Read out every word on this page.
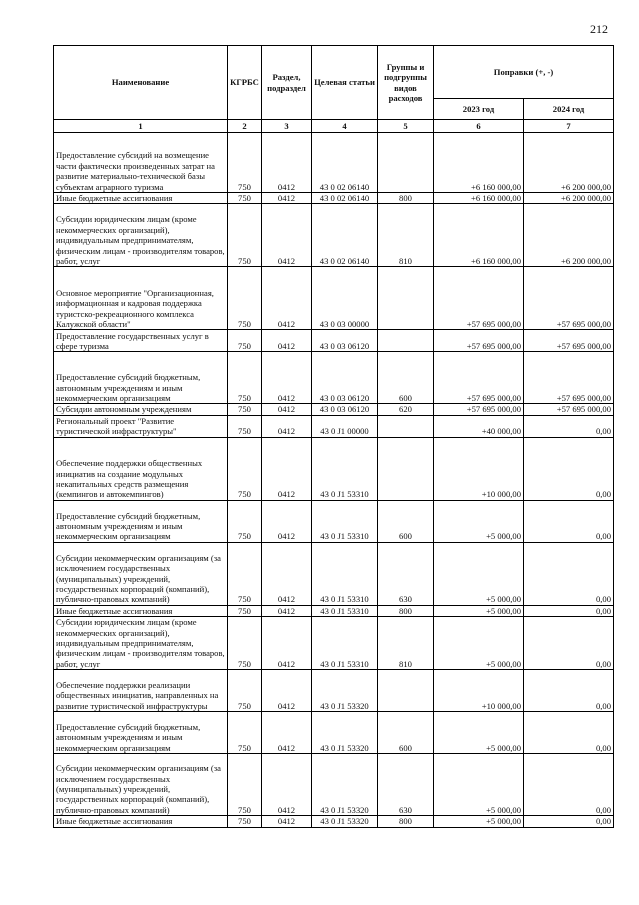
212
Наименование	КГРБС	Раздел, подраздел	Целевая статьи	Группы и подгруппы видов расходов	Поправки (+, -)	
					2023 год	2024 год
1	2	3	4	5	6	7
Предоставление субсидий на возмещение части фактически произведенных затрат на развитие материально-технической базы субъектам аграрного туризма	750	0412	43 0 02 06140		+6 160 000,00	+6 200 000,00
Иные бюджетные ассигнования	750	0412	43 0 02 06140	800	+6 160 000,00	+6 200 000,00
Субсидии юридическим лицам (кроме некоммерческих организаций), индивидуальным предпринимателям, физическим лицам - производителям товаров, работ, услуг	750	0412	43 0 02 06140	810	+6 160 000,00	+6 200 000,00
Основное мероприятие "Организационная, информационная и кадровая поддержка туристско-рекреационного комплекса Калужской области"	750	0412	43 0 03 00000		+57 695 000,00	+57 695 000,00
Предоставление государственных услуг в сфере туризма	750	0412	43 0 03 06120		+57 695 000,00	+57 695 000,00
Предоставление субсидий бюджетным, автономным учреждениям и иным некоммерческим организациям	750	0412	43 0 03 06120	600	+57 695 000,00	+57 695 000,00
Субсидии автономным учреждениям	750	0412	43 0 03 06120	620	+57 695 000,00	+57 695 000,00
Региональный проект "Развитие туристической инфраструктуры"	750	0412	43 0 J1 00000		+40 000,00	0,00
Обеспечение поддержки общественных инициатив на создание модульных некапитальных средств размещения (кемпингов и автокемпингов)	750	0412	43 0 J1 53310		+10 000,00	0,00
Предоставление субсидий бюджетным, автономным учреждениям и иным некоммерческим организациям	750	0412	43 0 J1 53310	600	+5 000,00	0,00
Субсидии некоммерческим организациям (за исключением государственных (муниципальных) учреждений, государственных корпораций (компаний), публично-правовых компаний)	750	0412	43 0 J1 53310	630	+5 000,00	0,00
Иные бюджетные ассигнования	750	0412	43 0 J1 53310	800	+5 000,00	0,00
Субсидии юридическим лицам (кроме некоммерческих организаций), индивидуальным предпринимателям, физическим лицам - производителям товаров, работ, услуг	750	0412	43 0 J1 53310	810	+5 000,00	0,00
Обеспечение поддержки реализации общественных инициатив, направленных на развитие туристической инфраструктуры	750	0412	43 0 J1 53320		+10 000,00	0,00
Предоставление субсидий бюджетным, автономным учреждениям и иным некоммерческим организациям	750	0412	43 0 J1 53320	600	+5 000,00	0,00
Субсидии некоммерческим организациям (за исключением государственных (муниципальных) учреждений, государственных корпораций (компаний), публично-правовых компаний)	750	0412	43 0 J1 53320	630	+5 000,00	0,00
Иные бюджетные ассигнования	750	0412	43 0 J1 53320	800	+5 000,00	0,00
